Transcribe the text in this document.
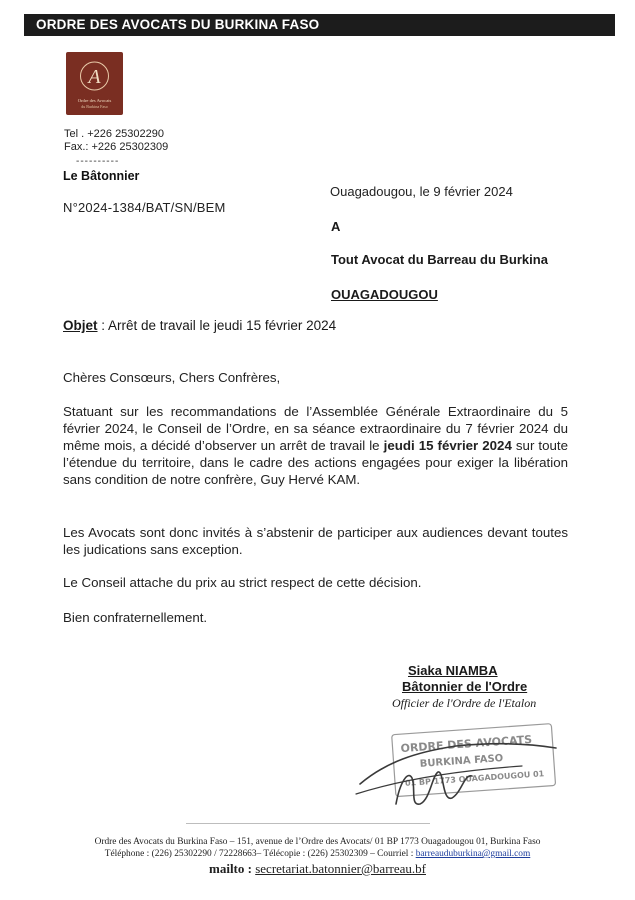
ORDRE DES AVOCATS DU BURKINA FASO
A
Ordre des Avocats
du Burkina Faso
Tel . +226 25302290
Fax.: +226 25302309
----------
Le Bâtonnier
N°2024-1384/BAT/SN/BEM
Ouagadougou, le 9 février 2024
A
Tout Avocat du Barreau du Burkina
OUAGADOUGOU
Objet : Arrêt de travail le jeudi 15 février 2024
Chères Consœurs, Chers Confrères,
Statuant sur les recommandations de l’Assemblée Générale Extraordinaire du 5 février 2024, le Conseil de l’Ordre, en sa séance extraordinaire du 7 février 2024 du même mois, a décidé d’observer un arrêt de travail le jeudi 15 février 2024 sur toute l’étendue du territoire, dans le cadre des actions engagées pour exiger la libération sans condition de notre confrère, Guy Hervé KAM.
Les Avocats sont donc invités à s’abstenir de participer aux audiences devant toutes les judications sans exception.
Le Conseil attache du prix au strict respect de cette décision.
Bien confraternellement.
Siaka NIAMBA
Bâtonnier de l'Ordre
Officier de l'Ordre de l'Etalon
ORDRE DES AVOCATS
BURKINA FASO
01 BP 1773 OUAGADOUGOU 01
Ordre des Avocats du Burkina Faso – 151, avenue de l’Ordre des Avocats/ 01 BP 1773 Ouagadougou 01, Burkina Faso
Téléphone : (226) 25302290 / 72228663– Télécopie : (226) 25302309 – Courriel : barreauduburkina@gmail.com
mailto : secretariat.batonnier@barreau.bf
